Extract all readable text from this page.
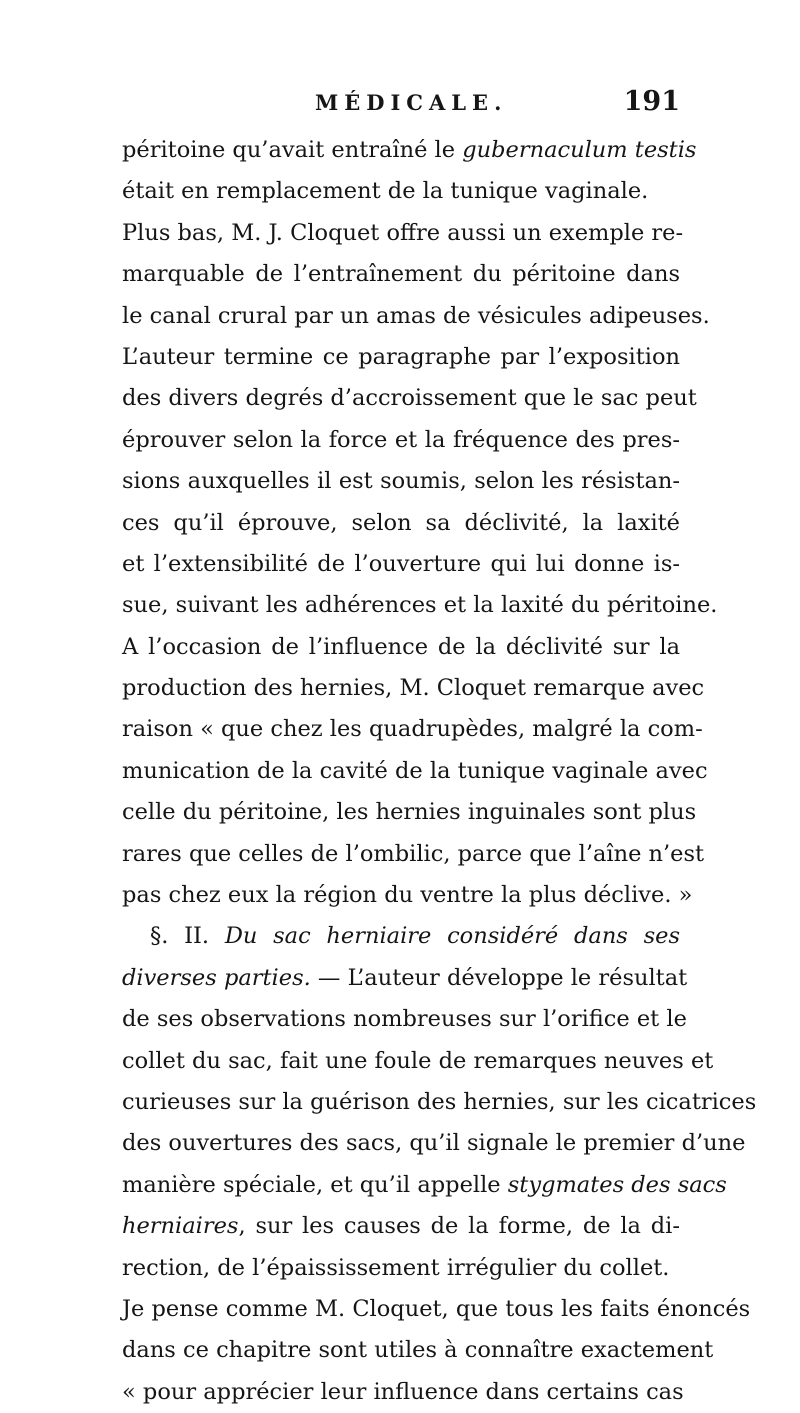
MÉDICALE.	191
péritoine qu’avait entraîné le gubernaculum testis
était en remplacement de la tunique vaginale.
Plus bas, M. J. Cloquet offre aussi un exemple re-
marquable de l’entraînement du péritoine dans
le canal crural par un amas de vésicules adipeuses.
L’auteur termine ce paragraphe par l’exposition
des divers degrés d’accroissement que le sac peut
éprouver selon la force et la fréquence des pres-
sions auxquelles il est soumis, selon les résistan-
ces qu’il éprouve, selon sa déclivité, la laxité
et l’extensibilité de l’ouverture qui lui donne is-
sue, suivant les adhérences et la laxité du péritoine.
A l’occasion de l’influence de la déclivité sur la
production des hernies, M. Cloquet remarque avec
raison « que chez les quadrupèdes, malgré la com-
munication de la cavité de la tunique vaginale avec
celle du péritoine, les hernies inguinales sont plus
rares que celles de l’ombilic, parce que l’aîne n’est
pas chez eux la région du ventre la plus déclive. »
§. II. Du sac herniaire considéré dans ses
diverses parties. — L’auteur développe le résultat
de ses observations nombreuses sur l’orifice et le
collet du sac, fait une foule de remarques neuves et
curieuses sur la guérison des hernies, sur les cicatrices
des ouvertures des sacs, qu’il signale le premier d’une
manière spéciale, et qu’il appelle stygmates des sacs
herniaires, sur les causes de la forme, de la di-
rection, de l’épaississement irrégulier du collet.
Je pense comme M. Cloquet, que tous les faits énoncés
dans ce chapitre sont utiles à connaître exactement
« pour apprécier leur influence dans certains cas
